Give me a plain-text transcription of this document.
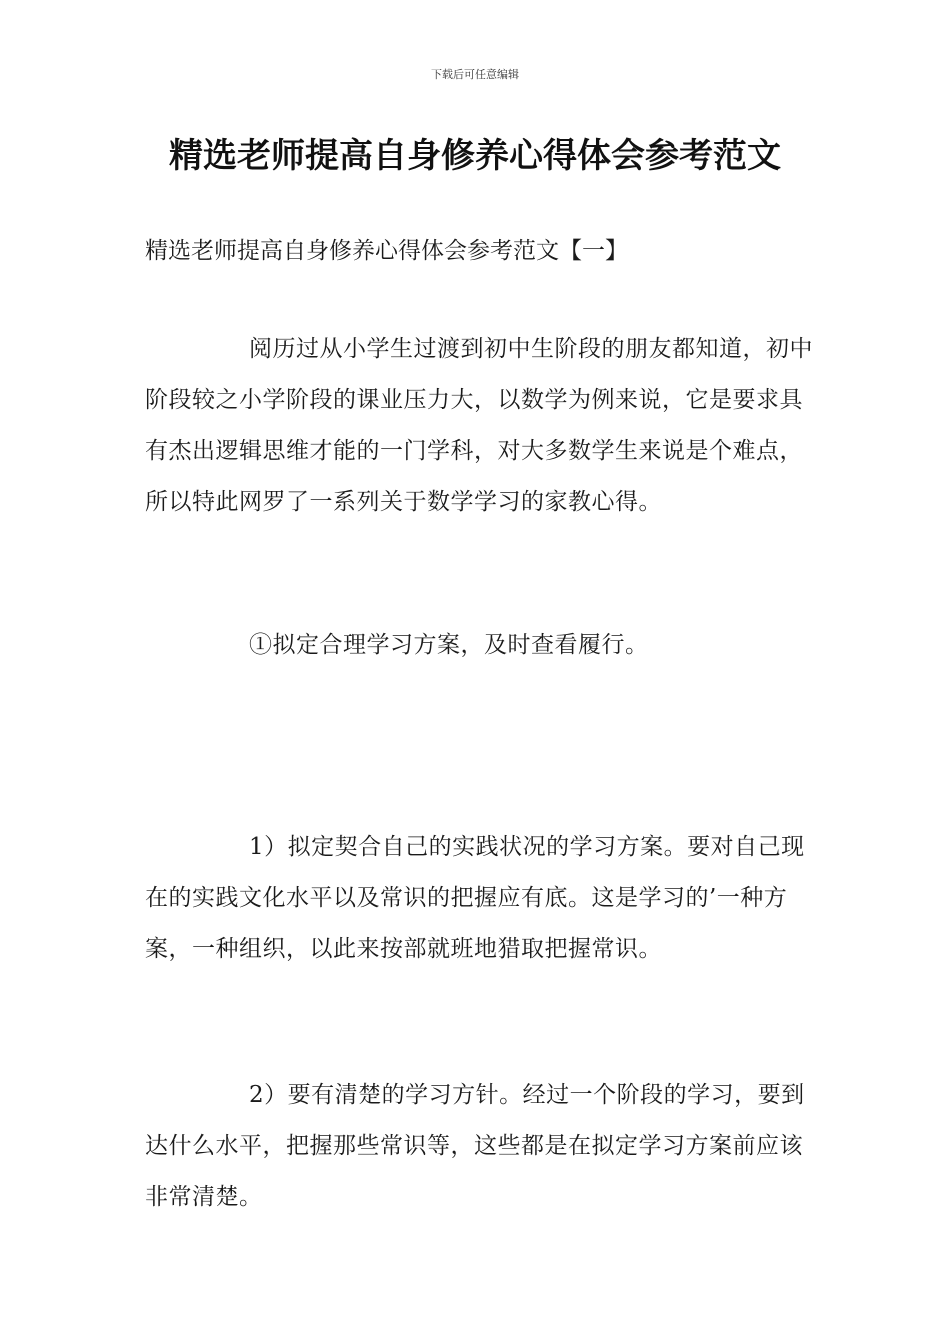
下载后可任意编辑
精选老师提高自身修养心得体会参考范文
精选老师提高自身修养心得体会参考范文【一】

阅历过从小学生过渡到初中生阶段的朋友都知道，初中阶段较之小学阶段的课业压力大，以数学为例来说，它是要求具有杰出逻辑思维才能的一门学科，对大多数学生来说是个难点，所以特此网罗了一系列关于数学学习的家教心得。

①拟定合理学习方案，及时查看履行。

1）拟定契合自己的实践状况的学习方案。要对自己现在的实践文化水平以及常识的把握应有底。这是学习的’一种方案，一种组织，以此来按部就班地猎取把握常识。

2）要有清楚的学习方针。经过一个阶段的学习，要到达什么水平，把握那些常识等，这些都是在拟定学习方案前应该非常清楚。
